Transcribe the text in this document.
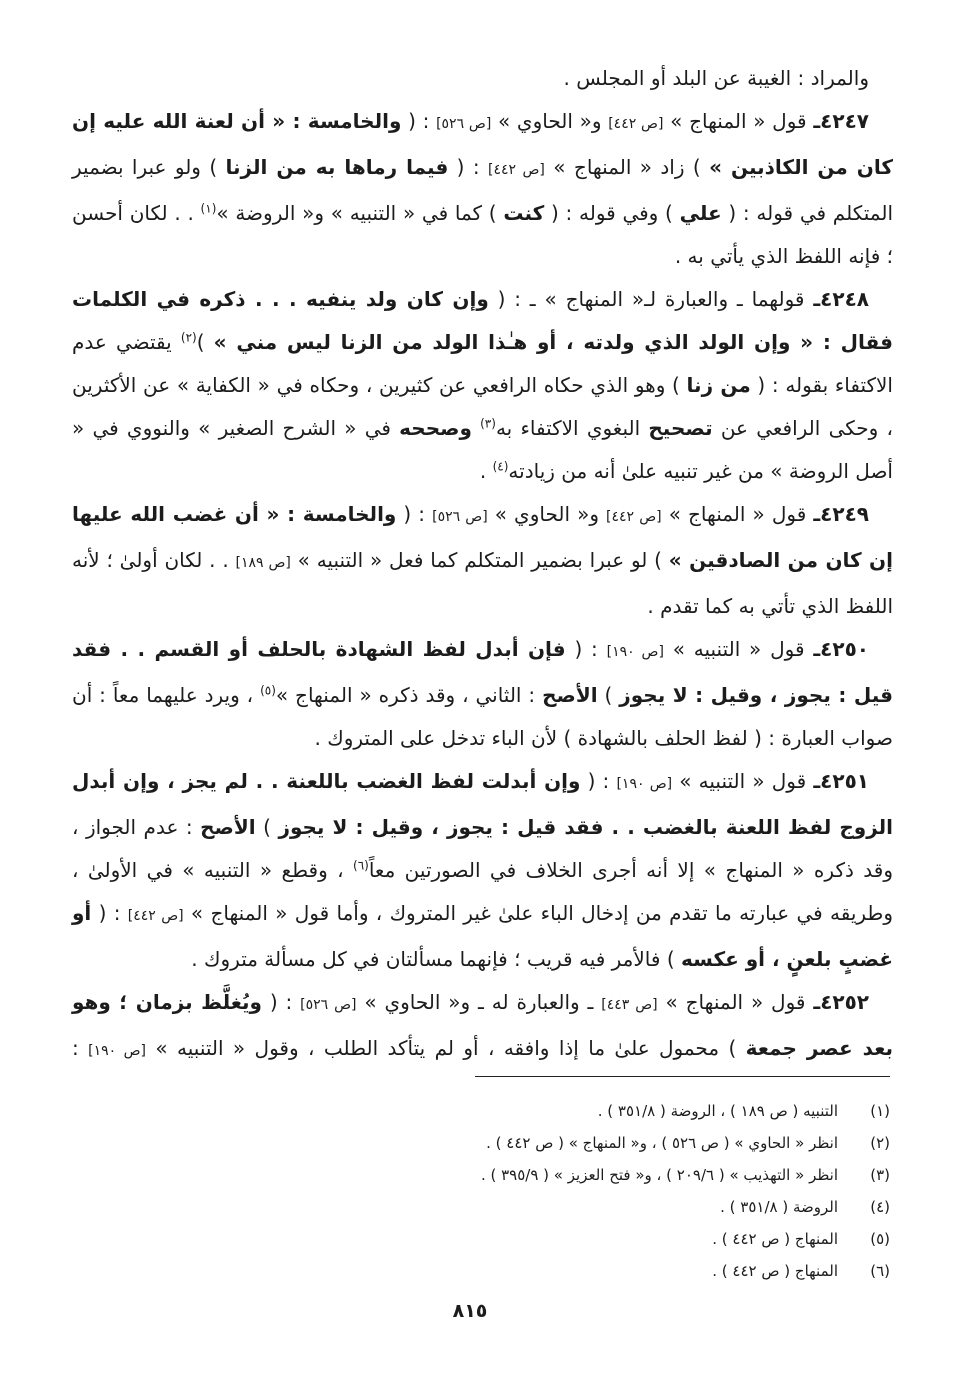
والمراد : الغيبة عن البلد أو المجلس .

٤٢٤٧ـ قول « المنهاج » [ص ٤٤٢] و« الحاوي » [ص ٥٢٦] : ( والخامسة : « أن لعنة الله عليه إن كان من الكاذبين » ) زاد « المنهاج » [ص ٤٤٢] : ( فيما رماها به من الزنا ) ولو عبرا بضمير المتكلم في قوله : ( علي ) وفي قوله : ( كنت ) كما في « التنبيه » و« الروضة »$^{(١)}$ . . لكان أحسن ؛ فإنه اللفظ الذي يأتي به .

٤٢٤٨ـ قولهما ـ والعبارة لـ« المنهاج » ـ : ( وإن كان ولد ينفيه . . . ذكره في الكلمات فقال : « وإن الولد الذي ولدته ، أو هـٰذا الولد من الزنا ليس مني » )$^{(٢)}$ يقتضي عدم الاكتفاء بقوله : ( من زنا ) وهو الذي حكاه الرافعي عن كثيرين ، وحكاه في « الكفاية » عن الأكثرين ، وحكى الرافعي عن تصحيح البغوي الاكتفاء به$^{(٣)}$ وصححه في « الشرح الصغير » والنووي في « أصل الروضة » من غير تنبيه علىٰ أنه من زيادته$^{(٤)}$ .

٤٢٤٩ـ قول « المنهاج » [ص ٤٤٢] و« الحاوي » [ص ٥٢٦] : ( والخامسة : « أن غضب الله عليها إن كان من الصادقين » ) لو عبرا بضمير المتكلم كما فعل « التنبيه » [ص ١٨٩] . . لكان أولىٰ ؛ لأنه اللفظ الذي تأتي به كما تقدم .

٤٢٥٠ـ قول « التنبيه » [ص ١٩٠] : ( فإن أبدل لفظ الشهادة بالحلف أو القسم . . فقد قيل : يجوز ، وقيل : لا يجوز ) الأصح : الثاني ، وقد ذكره « المنهاج »$^{(٥)}$ ، ويرد عليهما معاً : أن صواب العبارة : ( لفظ الحلف بالشهادة ) لأن الباء تدخل على المتروك .

٤٢٥١ـ قول « التنبيه » [ص ١٩٠] : ( وإن أبدلت لفظ الغضب باللعنة . . لم يجز ، وإن أبدل الزوج لفظ اللعنة بالغضب . . فقد قيل : يجوز ، وقيل : لا يجوز ) الأصح : عدم الجواز ، وقد ذكره « المنهاج » إلا أنه أجرى الخلاف في الصورتين معاً$^{(٦)}$ ، وقطع « التنبيه » في الأولىٰ ، وطريقه في عبارته ما تقدم من إدخال الباء علىٰ غير المتروك ، وأما قول « المنهاج » [ص ٤٤٢] : ( أو غضبٍ بلعنٍ ، أو عكسه ) فالأمر فيه قريب ؛ فإنهما مسألتان في كل مسألة متروك .

٤٢٥٢ـ قول « المنهاج » [ص ٤٤٣] ـ والعبارة له ـ و« الحاوي » [ص ٥٢٦] : ( ويُغلَّظ بزمان ؛ وهو بعد عصر جمعة ) محمول علىٰ ما إذا وافقه ، أو لم يتأكد الطلب ، وقول « التنبيه » [ص ١٩٠] :

(١)
التنبيه ( ص ١٨٩ ) ، الروضة ( ٣٥١/٨ ) .
(٢)
انظر « الحاوي » ( ص ٥٢٦ ) ، و« المنهاج » ( ص ٤٤٢ ) .
(٣)
انظر « التهذيب » ( ٢٠٩/٦ ) ، و« فتح العزيز » ( ٣٩٥/٩ ) .
(٤)
الروضة ( ٣٥١/٨ ) .
(٥)
المنهاج ( ص ٤٤٢ ) .
(٦)
المنهاج ( ص ٤٤٢ ) .
٨١٥
